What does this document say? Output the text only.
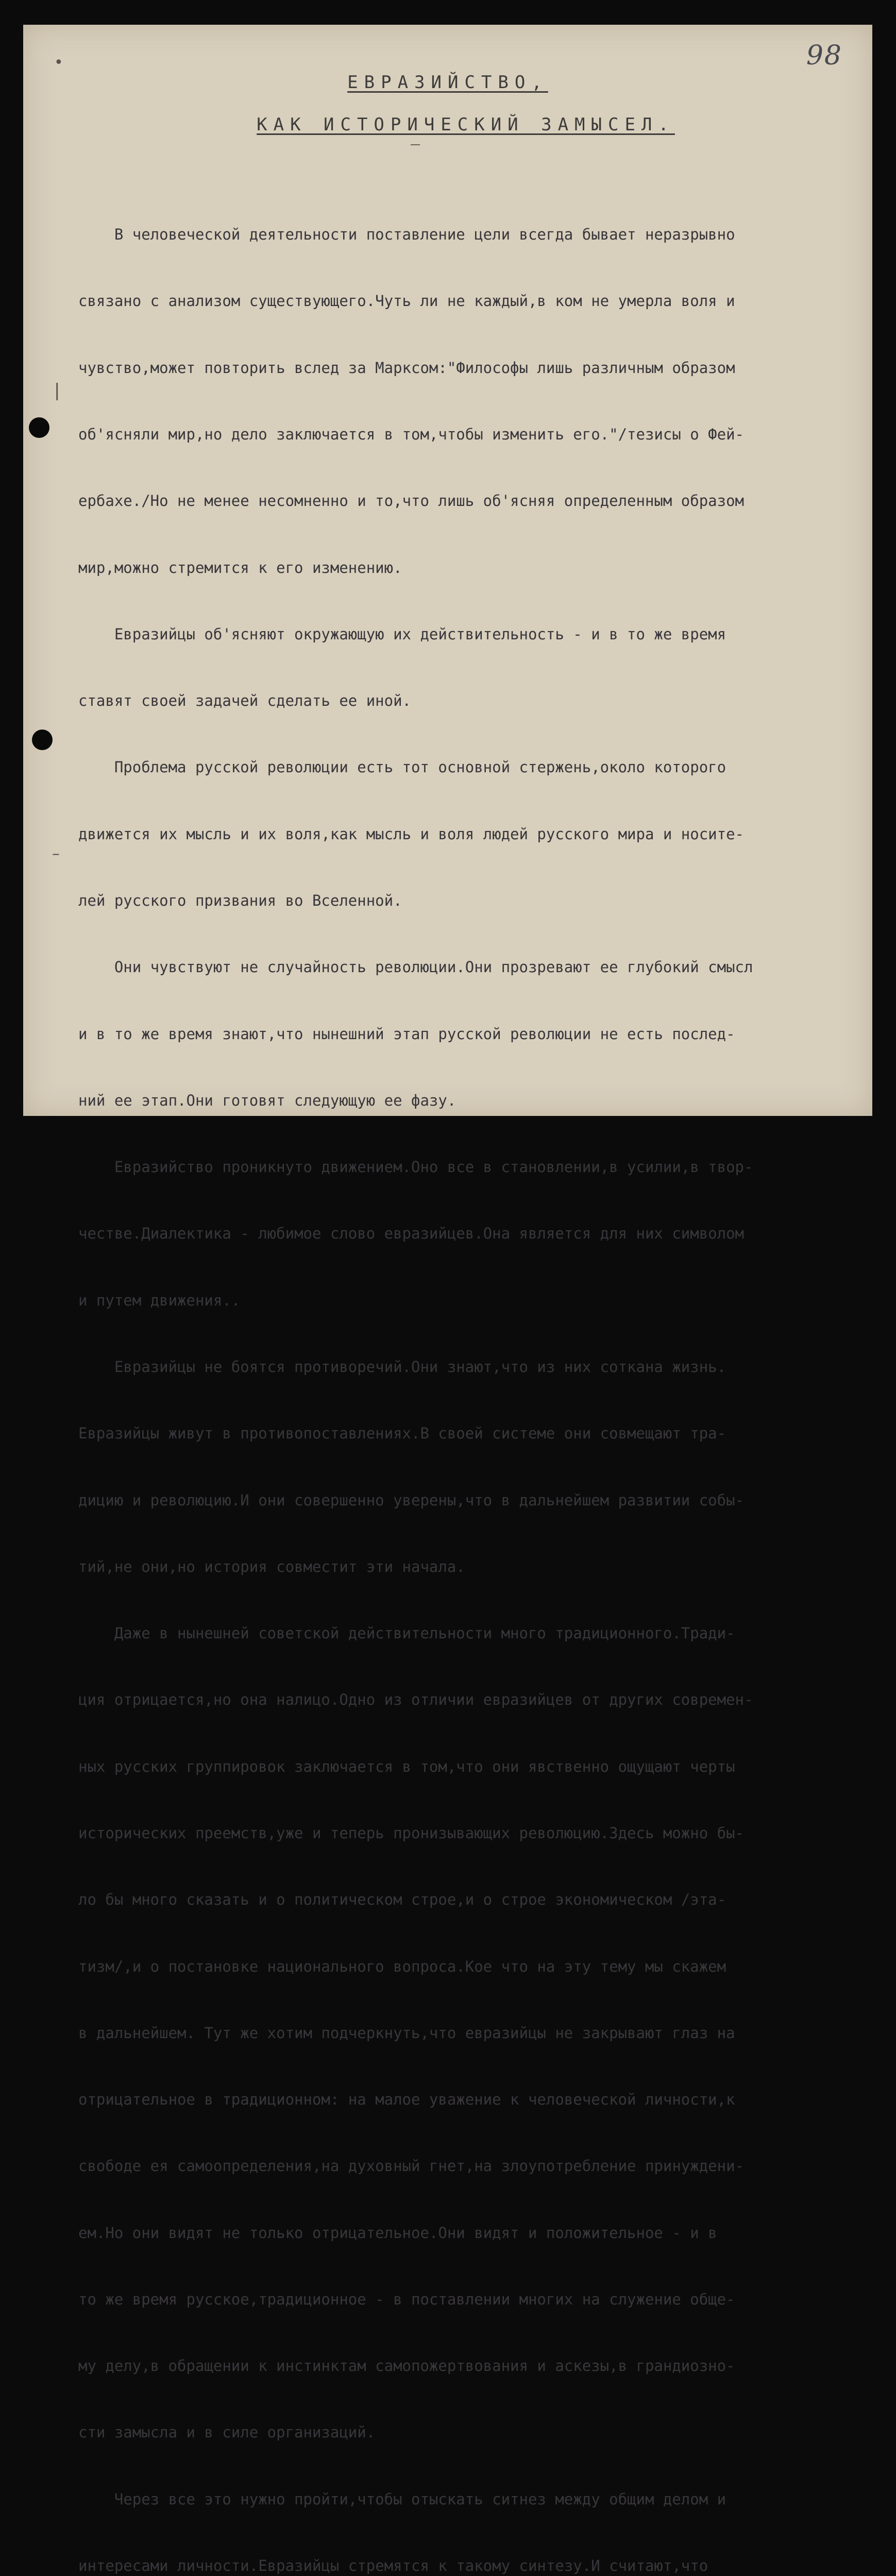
98
•
|
–
ЕВРАЗИЙСТВО,
КАК ИСТОРИЧЕСКИЙ ЗАМЫСЕЛ.

В человеческой деятельности поставление цели всегда бывает неразрывно

связано с анализом существующего.Чуть ли не каждый,в ком не умерла воля и

чувство,может повторить вслед за Марксом:"Философы лишь различным образом

об'ясняли мир,но дело заключается в том,чтобы изменить его."/тезисы о Фей-

ербахе./Но не менее несомненно и то,что лишь об'ясняя определенным образом

мир,можно стремится к его изменению.

Евразийцы об'ясняют окружающую их действительность - и в то же время

ставят своей задачей сделать ее иной.

Проблема русской революции есть тот основной стержень,около которого

движется их мысль и их воля,как мысль и воля людей русского мира и носите-

лей русского призвания во Вселенной.

Они чувствуют не случайность революции.Они прозревают ее глубокий смысл

и в то же время знают,что нынешний этап русской революции не есть послед-

ний ее этап.Они готовят следующую ее фазу.

Евразийство проникнуто движением.Оно все в становлении,в усилии,в твор-

честве.Диалектика - любимое слово евразийцев.Она является для них символом

и путем движения..

Евразийцы не боятся противоречий.Они знают,что из них соткана жизнь.

Евразийцы живут в противопоставлениях.В своей системе они совмещают тра-

дицию и революцию.И они совершенно уверены,что в дальнейшем развитии собы-

тий,не они,но история совместит эти начала.

Даже в нынешней советской действительности много традиционного.Тради-

ция отрицается,но она налицо.Одно из отличии евразийцев от других современ-

ных русских группировок заключается в том,что они явственно ощущают черты

исторических преемств,уже и теперь пронизывающих революцию.Здесь можно бы-

ло бы много сказать и о политическом строе,и о строе экономическом /эта-

тизм/,и о постановке национального вопроса.Кое что на эту тему мы скажем

в дальнейшем. Тут же хотим подчеркнуть,что евразийцы не закрывают глаз на

отрицательное в традиционном: на малое уважение к человеческой личности,к

свободе ея самоопределения,на духовный гнет,на злоупотребление принуждени-

ем.Но они видят не только отрицательное.Они видят и положительное - и в

то же время русское,традиционное - в поставлении многих на служение обще-

му делу,в обращении к инстинктам самопожертвования и аскезы,в грандиозно-

сти замысла и в силе организаций.

Через все это нужно пройти,чтобы отыскать ситнез между общим делом и

интересами личности.Евразийцы стремятся к такому синтезу.И считают,что
